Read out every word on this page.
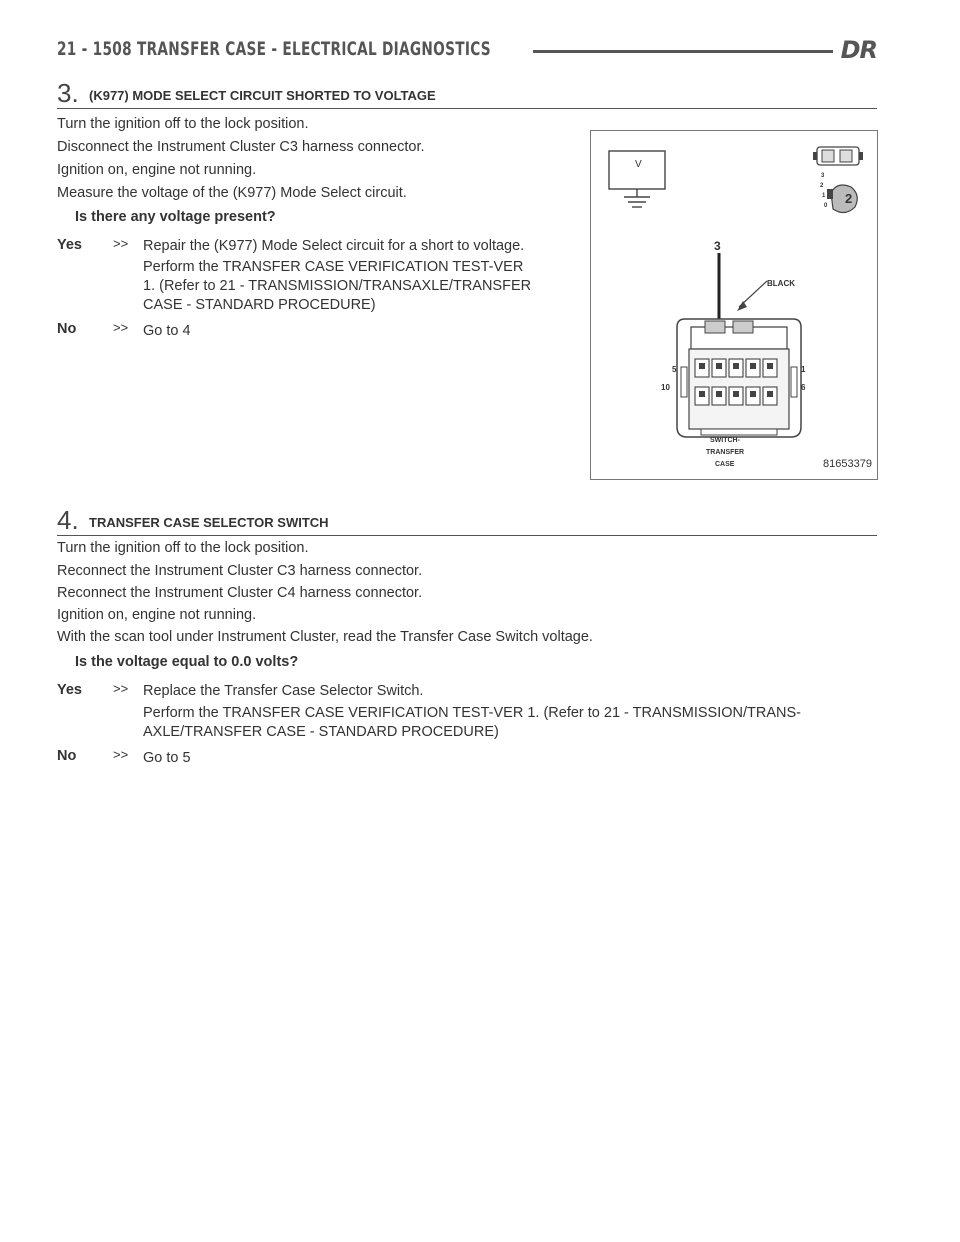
21 - 1508 TRANSFER CASE - ELECTRICAL DIAGNOSTICS	DR
3. (K977) MODE SELECT CIRCUIT SHORTED TO VOLTAGE
Turn the ignition off to the lock position.
Disconnect the Instrument Cluster C3 harness connector.
Ignition on, engine not running.
Measure the voltage of the (K977) Mode Select circuit.
Is there any voltage present?
Yes >> Repair the (K977) Mode Select circuit for a short to voltage.
Perform the TRANSFER CASE VERIFICATION TEST-VER
1. (Refer to 21 - TRANSMISSION/TRANSAXLE/TRANSFER
CASE - STANDARD PROCEDURE)
No	>> Go to 4
V
3
2
1
0 2
3
BLACK
5
10
1
6
SWITCH-
TRANSFER
CASE	81653379
4. TRANSFER CASE SELECTOR SWITCH
Turn the ignition off to the lock position.
Reconnect the Instrument Cluster C3 harness connector.
Reconnect the Instrument Cluster C4 harness connector.
Ignition on, engine not running.
With the scan tool under Instrument Cluster, read the Transfer Case Switch voltage.
Is the voltage equal to 0.0 volts?
Yes >> Replace the Transfer Case Selector Switch.
Perform the TRANSFER CASE VERIFICATION TEST-VER 1. (Refer to 21 - TRANSMISSION/TRANS-
AXLE/TRANSFER CASE - STANDARD PROCEDURE)
No	>> Go to 5
